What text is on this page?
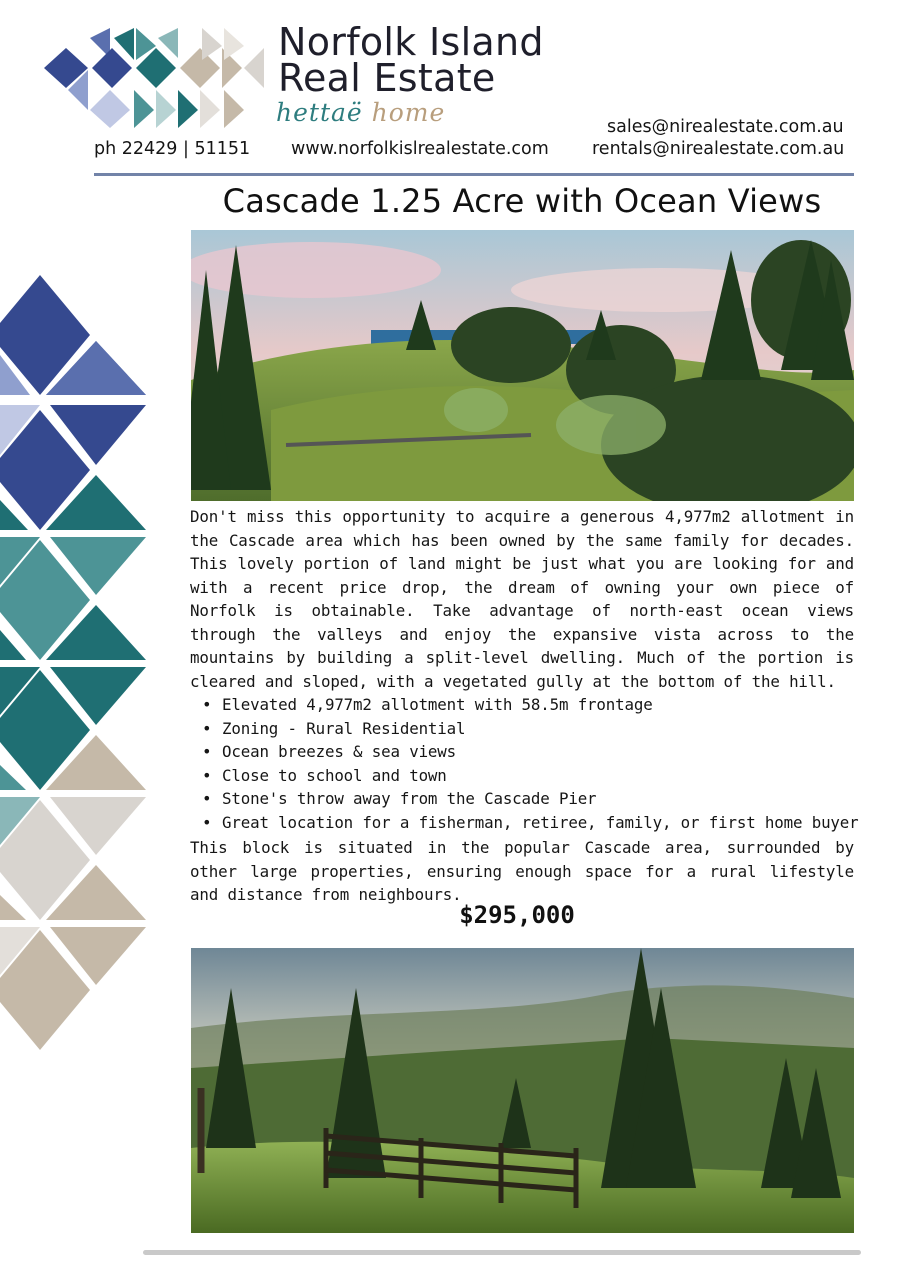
Norfolk Island
Real Estate
hettaë home
ph 22429 | 51151 www.norfolkislrealestate.com
sales@nirealestate.com.au
rentals@nirealestate.com.au
Cascade 1.25 Acre with Ocean Views
Don't miss this opportunity to acquire a generous 4,977m2 allotment in the Cascade area which has been owned by the same family for decades. This lovely portion of land might be just what you are looking for and with a recent price drop, the dream of owning your own piece of Norfolk is obtainable. Take advantage of north-east ocean views through the valleys and enjoy the expansive vista across to the mountains by building a split-level dwelling. Much of the portion is cleared and sloped, with a vegetated gully at the bottom of the hill.
• Elevated 4,977m2 allotment with 58.5m frontage
• Zoning - Rural Residential
• Ocean breezes & sea views
• Close to school and town
• Stone's throw away from the Cascade Pier
• Great location for a fisherman, retiree, family, or first home buyer
This block is situated in the popular Cascade area, surrounded by other large properties, ensuring enough space for a rural lifestyle and distance from neighbours.
$295,000
